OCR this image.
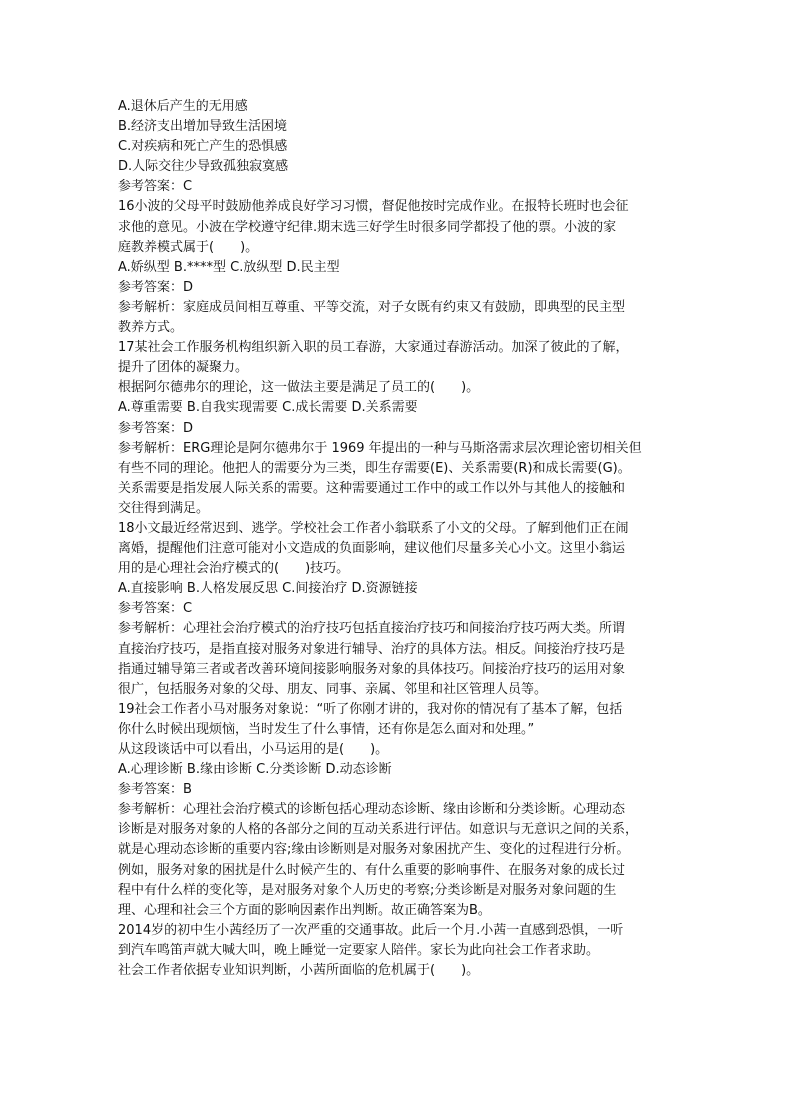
A.退休后产生的无用感
B.经济支出增加导致生活困境
C.对疾病和死亡产生的恐惧感
D.人际交往少导致孤独寂寞感
参考答案：C
16小波的父母平时鼓励他养成良好学习习惯，督促他按时完成作业。在报特长班时也会征
求他的意见。小波在学校遵守纪律.期末选三好学生时很多同学都投了他的票。小波的家
庭教养模式属于(　　)。
A.娇纵型 B.****型 C.放纵型 D.民主型
参考答案：D
参考解析：家庭成员间相互尊重、平等交流，对子女既有约束又有鼓励，即典型的民主型
教养方式。
17某社会工作服务机构组织新入职的员工春游，大家通过春游活动。加深了彼此的了解，
提升了团体的凝聚力。
根据阿尔德弗尔的理论，这一做法主要是满足了员工的(　　)。
A.尊重需要 B.自我实现需要 C.成长需要 D.关系需要
参考答案：D
参考解析：ERG理论是阿尔德弗尔于 1969 年提出的一种与马斯洛需求层次理论密切相关但
有些不同的理论。他把人的需要分为三类，即生存需要(E)、关系需要(R)和成长需要(G)。
关系需要是指发展人际关系的需要。这种需要通过工作中的或工作以外与其他人的接触和
交往得到满足。
18小文最近经常迟到、逃学。学校社会工作者小翁联系了小文的父母。了解到他们正在闹
离婚，提醒他们注意可能对小文造成的负面影响，建议他们尽量多关心小文。这里小翁运
用的是心理社会治疗模式的(　　)技巧。
A.直接影响 B.人格发展反思 C.间接治疗 D.资源链接
参考答案：C
参考解析：心理社会治疗模式的治疗技巧包括直接治疗技巧和间接治疗技巧两大类。所谓
直接治疗技巧，是指直接对服务对象进行辅导、治疗的具体方法。相反。间接治疗技巧是
指通过辅导第三者或者改善环境间接影响服务对象的具体技巧。间接治疗技巧的运用对象
很广，包括服务对象的父母、朋友、同事、亲属、邻里和社区管理人员等。
19社会工作者小马对服务对象说：“听了你刚才讲的，我对你的情况有了基本了解，包括
你什么时候出现烦恼，当时发生了什么事情，还有你是怎么面对和处理。”
从这段谈话中可以看出，小马运用的是(　　)。
A.心理诊断 B.缘由诊断 C.分类诊断 D.动态诊断
参考答案：B
参考解析：心理社会治疗模式的诊断包括心理动态诊断、缘由诊断和分类诊断。心理动态
诊断是对服务对象的人格的各部分之间的互动关系进行评估。如意识与无意识之间的关系，
就是心理动态诊断的重要内容;缘由诊断则是对服务对象困扰产生、变化的过程进行分析。
例如，服务对象的困扰是什么时候产生的、有什么重要的影响事件、在服务对象的成长过
程中有什么样的变化等，是对服务对象个人历史的考察;分类诊断是对服务对象问题的生
理、心理和社会三个方面的影响因素作出判断。故正确答案为B。
2014岁的初中生小茜经历了一次严重的交通事故。此后一个月.小茜一直感到恐惧，一听
到汽车鸣笛声就大喊大叫，晚上睡觉一定要家人陪伴。家长为此向社会工作者求助。
社会工作者依据专业知识判断，小茜所面临的危机属于(　　)。
